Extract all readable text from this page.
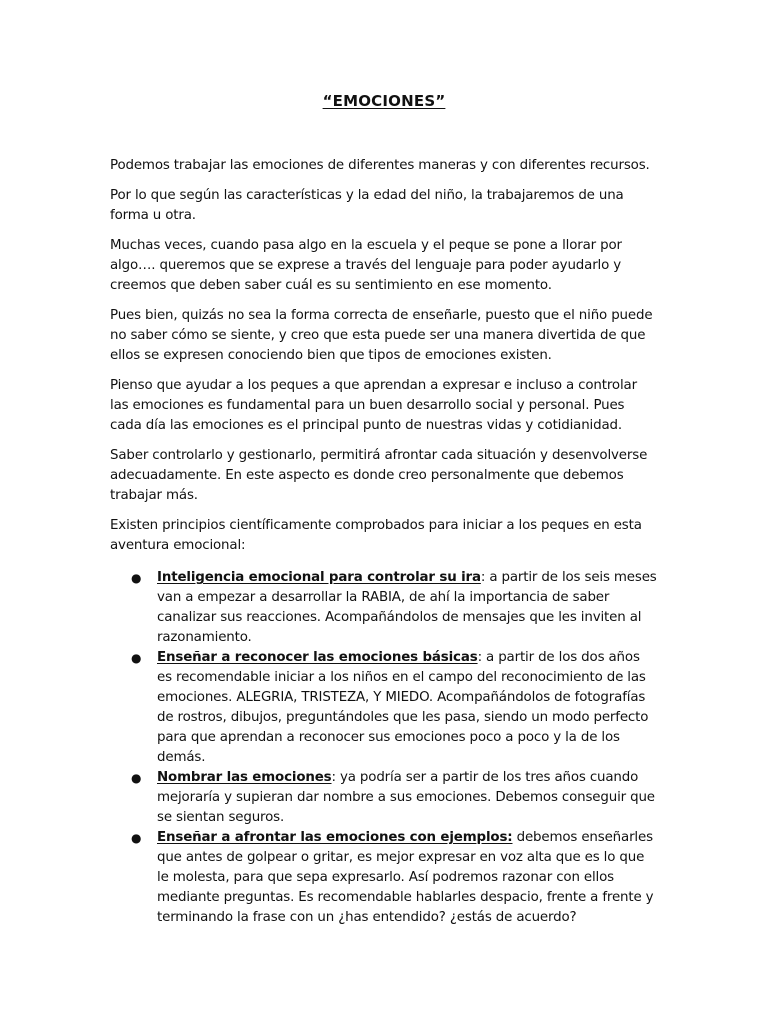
“EMOCIONES”

Podemos trabajar las emociones de diferentes maneras y con diferentes recursos.

Por lo que según las características y la edad del niño, la trabajaremos de una forma u otra.

Muchas veces, cuando pasa algo en la escuela y el peque se pone a llorar por algo…. queremos que se exprese a través del lenguaje para poder ayudarlo y creemos que deben saber cuál es su sentimiento en ese momento.

Pues bien, quizás no sea la forma correcta de enseñarle, puesto que el niño puede no saber cómo se siente, y creo que esta puede ser una manera divertida de que ellos se expresen conociendo bien que tipos de emociones existen.

Pienso que ayudar a los peques a que aprendan a expresar e incluso a controlar las emociones es fundamental para un buen desarrollo social y personal. Pues cada día las emociones es el principal punto de nuestras vidas y cotidianidad.

Saber controlarlo y gestionarlo, permitirá afrontar cada situación y desenvolverse adecuadamente. En este aspecto es donde creo personalmente que debemos trabajar más.

Existen principios científicamente comprobados para iniciar a los peques en esta aventura emocional:

● Inteligencia emocional para controlar su ira: a partir de los seis meses van a empezar a desarrollar la RABIA, de ahí la importancia de saber canalizar sus reacciones. Acompañándolos de mensajes que les inviten al razonamiento.
● Enseñar a reconocer las emociones básicas: a partir de los dos años es recomendable iniciar a los niños en el campo del reconocimiento de las emociones. ALEGRIA, TRISTEZA, Y MIEDO. Acompañándolos de fotografías de rostros, dibujos, preguntándoles que les pasa, siendo un modo perfecto para que aprendan a reconocer sus emociones poco a poco y la de los demás.
● Nombrar las emociones: ya podría ser a partir de los tres años cuando mejoraría y supieran dar nombre a sus emociones. Debemos conseguir que se sientan seguros.
● Enseñar a afrontar las emociones con ejemplos: debemos enseñarles que antes de golpear o gritar, es mejor expresar en voz alta que es lo que le molesta, para que sepa expresarlo. Así podremos razonar con ellos mediante preguntas. Es recomendable hablarles despacio, frente a frente y terminando la frase con un ¿has entendido? ¿estás de acuerdo?
